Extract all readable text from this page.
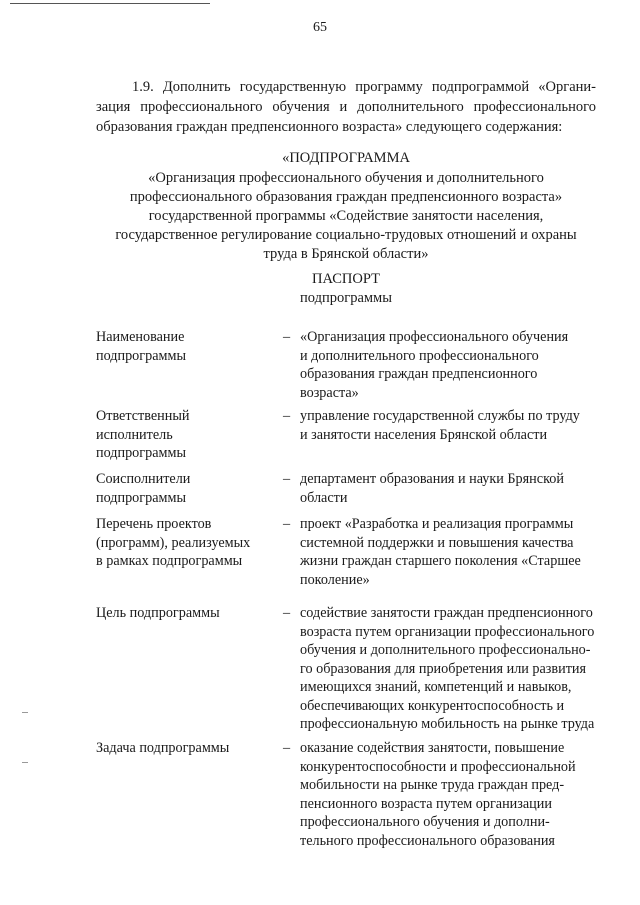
65
1.9. Дополнить государственную программу подпрограммой «Органи- зация профессионального обучения и дополнительного профессионального образования граждан предпенсионного возраста» следующего содержания:
«ПОДПРОГРАММА
«Организация профессионального обучения и дополнительного
профессионального образования граждан предпенсионного возраста»
государственной программы «Содействие занятости населения,
государственное регулирование социально-трудовых отношений и охраны
труда в Брянской области»
ПАСПОРТ
подпрограммы
Наименование
подпрограммы
– «Организация профессионального обучения
и дополнительного профессионального
образования граждан предпенсионного
возраста»
Ответственный
исполнитель
подпрограммы
– управление государственной службы по труду
и занятости населения Брянской области
Соисполнители
подпрограммы
– департамент образования и науки Брянской
области
Перечень проектов
(программ), реализуемых
в рамках подпрограммы
– проект «Разработка и реализация программы
системной поддержки и повышения качества
жизни граждан старшего поколения «Старшее
поколение»
Цель подпрограммы	– содействие занятости граждан предпенсионного
возраста путем организации профессионального
обучения и дополнительного профессионально-
го образования для приобретения или развития
имеющихся знаний, компетенций и навыков,
обеспечивающих конкурентоспособность и
профессиональную мобильность на рынке труда
Задача подпрограммы	– оказание содействия занятости, повышение
конкурентоспособности и профессиональной
мобильности на рынке труда граждан пред-
пенсионного возраста путем организации
профессионального обучения и дополни-
тельного профессионального образования
